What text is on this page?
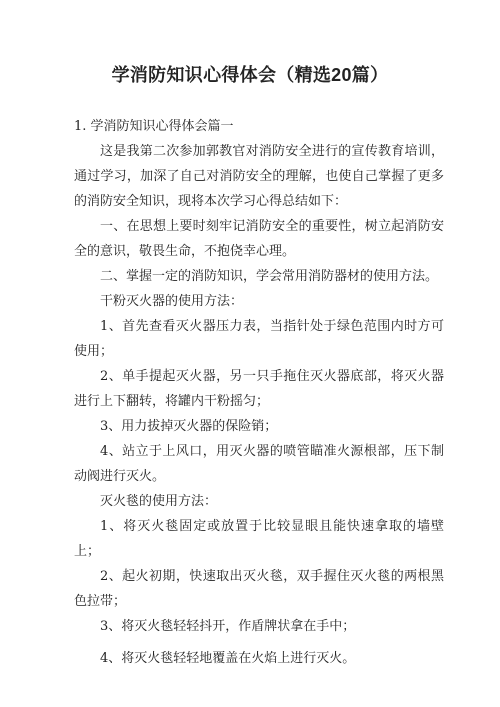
学消防知识心得体会（精选20篇）

1. 学消防知识心得体会篇一

这是我第二次参加郭教官对消防安全进行的宣传教育培训，通过学习，加深了自己对消防安全的理解，也使自己掌握了更多的消防安全知识，现将本次学习心得总结如下：

一、在思想上要时刻牢记消防安全的重要性，树立起消防安全的意识，敬畏生命，不抱侥幸心理。

二、掌握一定的消防知识，学会常用消防器材的使用方法。

干粉灭火器的使用方法：

1、首先查看灭火器压力表，当指针处于绿色范围内时方可使用；

2、单手提起灭火器，另一只手拖住灭火器底部，将灭火器进行上下翻转，将罐内干粉摇匀；

3、用力拔掉灭火器的保险销；

4、站立于上风口，用灭火器的喷管瞄准火源根部，压下制动阀进行灭火。

灭火毯的使用方法：

1、将灭火毯固定或放置于比较显眼且能快速拿取的墙壁上；

2、起火初期，快速取出灭火毯，双手握住灭火毯的两根黑色拉带；

3、将灭火毯轻轻抖开，作盾牌状拿在手中；

4、将灭火毯轻轻地覆盖在火焰上进行灭火。
